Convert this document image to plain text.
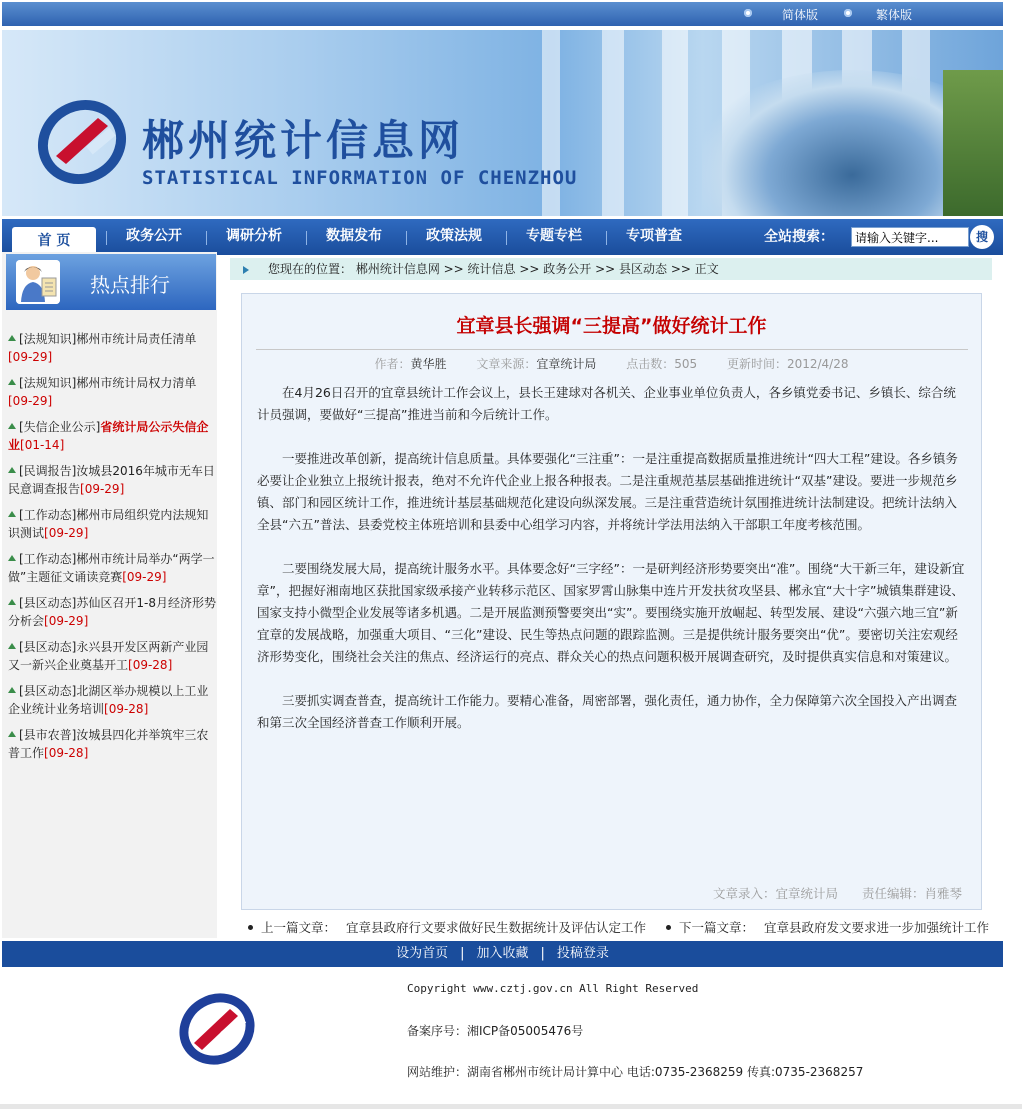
简体版	繁体版
郴州统计信息网
STATISTICAL INFORMATION OF CHENZHOU
首 页	政务公开	调研分析	数据发布	政策法规	专题专栏	专项普查	全站搜索：
请输入关键字...	搜
热点排行
[法规知识]郴州市统计局责任清单
[09-29]
[法规知识]郴州市统计局权力清单
[09-29]
[失信企业公示]省统计局公示失信企业[01-14]
[民调报告]汝城县2016年城市无车日民意调查报告[09-29]
[工作动态]郴州市局组织党内法规知识测试[09-29]
[工作动态]郴州市统计局举办“两学一做”主题征文诵读竞赛[09-29]
[县区动态]苏仙区召开1-8月经济形势分析会[09-29]
[县区动态]永兴县开发区两新产业园又一新兴企业奠基开工[09-28]
[县区动态]北湖区举办规模以上工业企业统计业务培训[09-28]
[县市农普]汝城县四化并举筑牢三农普工作[09-28]
您现在的位置： 郴州统计信息网 >> 统计信息 >> 政务公开 >> 县区动态 >> 正文
宜章县长强调“三提高”做好统计工作
作者：黄华胜 文章来源：宜章统计局 点击数：505 更新时间：2012/4/28

在4月26日召开的宜章县统计工作会议上，县长王建球对各机关、企业事业单位负责人，各乡镇党委书记、乡镇长、综合统计员强调，要做好“三提高”推进当前和今后统计工作。

一要推进改革创新，提高统计信息质量。具体要强化“三注重”：一是注重提高数据质量推进统计“四大工程”建设。各乡镇务必要让企业独立上报统计报表，绝对不允许代企业上报各种报表。二是注重规范基层基础推进统计“双基”建设。要进一步规范乡镇、部门和园区统计工作，推进统计基层基础规范化建设向纵深发展。三是注重营造统计氛围推进统计法制建设。把统计法纳入全县“六五”普法、县委党校主体班培训和县委中心组学习内容，并将统计学法用法纳入干部职工年度考核范围。

二要围绕发展大局，提高统计服务水平。具体要念好“三字经”：一是研判经济形势要突出“准”。围绕“大干新三年，建设新宜章”，把握好湘南地区获批国家级承接产业转移示范区、国家罗霄山脉集中连片开发扶贫攻坚县、郴永宜“大十字”城镇集群建设、国家支持小微型企业发展等诸多机遇。二是开展监测预警要突出“实”。要围绕实施开放崛起、转型发展、建设“六强六地三宜”新宜章的发展战略，加强重大项目、“三化”建设、民生等热点问题的跟踪监测。三是提供统计服务要突出“优”。要密切关注宏观经济形势变化，围绕社会关注的焦点、经济运行的亮点、群众关心的热点问题积极开展调查研究，及时提供真实信息和对策建议。

三要抓实调查普查，提高统计工作能力。要精心准备，周密部署，强化责任，通力协作，全力保障第六次全国投入产出调查和第三次全国经济普查工作顺利开展。

文章录入：宜章统计局 责任编辑：肖雅琴
上一篇文章： 宜章县政府行文要求做好民生数据统计及评估认定工作	下一篇文章： 宜章县政府发文要求进一步加强统计工作
设为首页 | 加入收藏 | 投稿登录
Copyright www.cztj.gov.cn All Right Reserved
备案序号：湘ICP备05005476号
网站维护：湖南省郴州市统计局计算中心 电话:0735-2368259 传真:0735-2368257
